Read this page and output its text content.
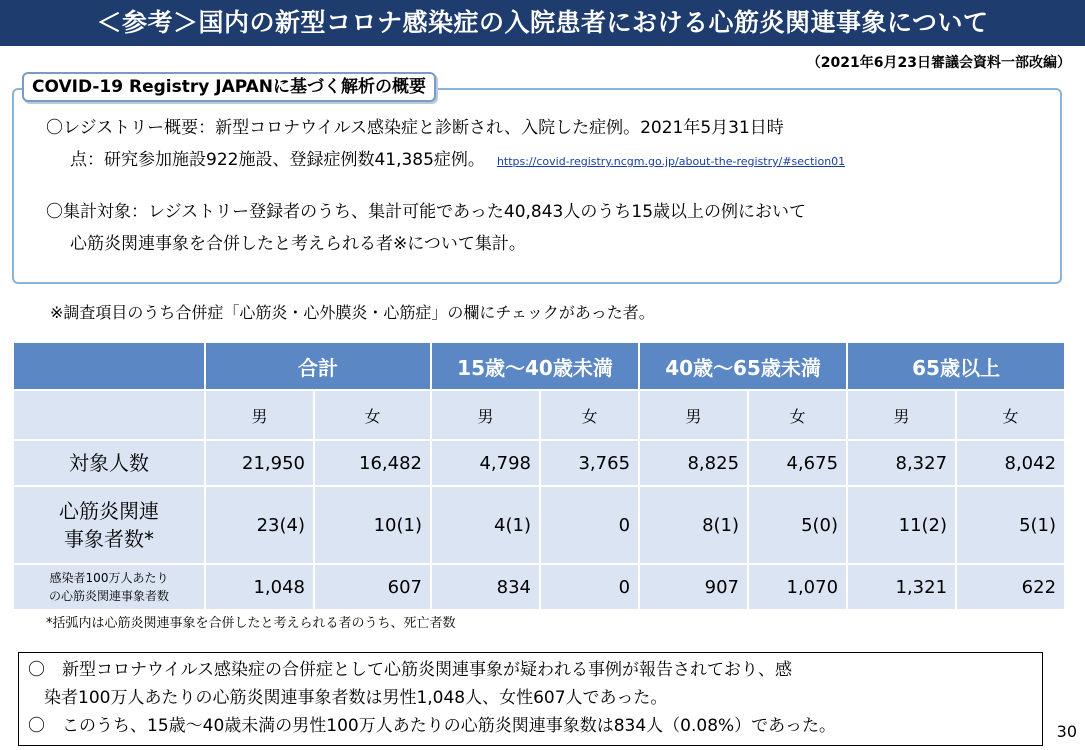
＜参考＞国内の新型コロナ感染症の入院患者における心筋炎関連事象について
（2021年6月23日審議会資料一部改編）
COVID-19 Registry JAPANに基づく解析の概要
〇レジストリー概要：新型コロナウイルス感染症と診断され、入院した症例。2021年5月31日時
点：研究参加施設922施設、登録症例数41,385症例。 https://covid-registry.ncgm.go.jp/about-the-registry/#section01
〇集計対象：レジストリー登録者のうち、集計可能であった40,843人のうち15歳以上の例において
心筋炎関連事象を合併したと考えられる者※について集計。
※調査項目のうち合併症「心筋炎・心外膜炎・心筋症」の欄にチェックがあった者。
	合計		15歳～40歳未満		40歳～65歳未満		65歳以上	
	男	女	男	女	男	女	男	女
対象人数	21,950	16,482	4,798	3,765	8,825	4,675	8,327	8,042

心筋炎関連
事象者数*	23(4)	10(1)	4(1)	0	8(1)	5(0)	11(2)	5(1)

感染者100万人あたり
の心筋炎関連事象者数	1,048	607	834	0	907	1,070	1,321	622
*括弧内は心筋炎関連事象を合併したと考えられる者のうち、死亡者数
〇　新型コロナウイルス感染症の合併症として心筋炎関連事象が疑われる事例が報告されており、感
染者100万人あたりの心筋炎関連事象者数は男性1,048人、女性607人であった。
〇　このうち、15歳～40歳未満の男性100万人あたりの心筋炎関連事象数は834人（0.08%）であった。	30
